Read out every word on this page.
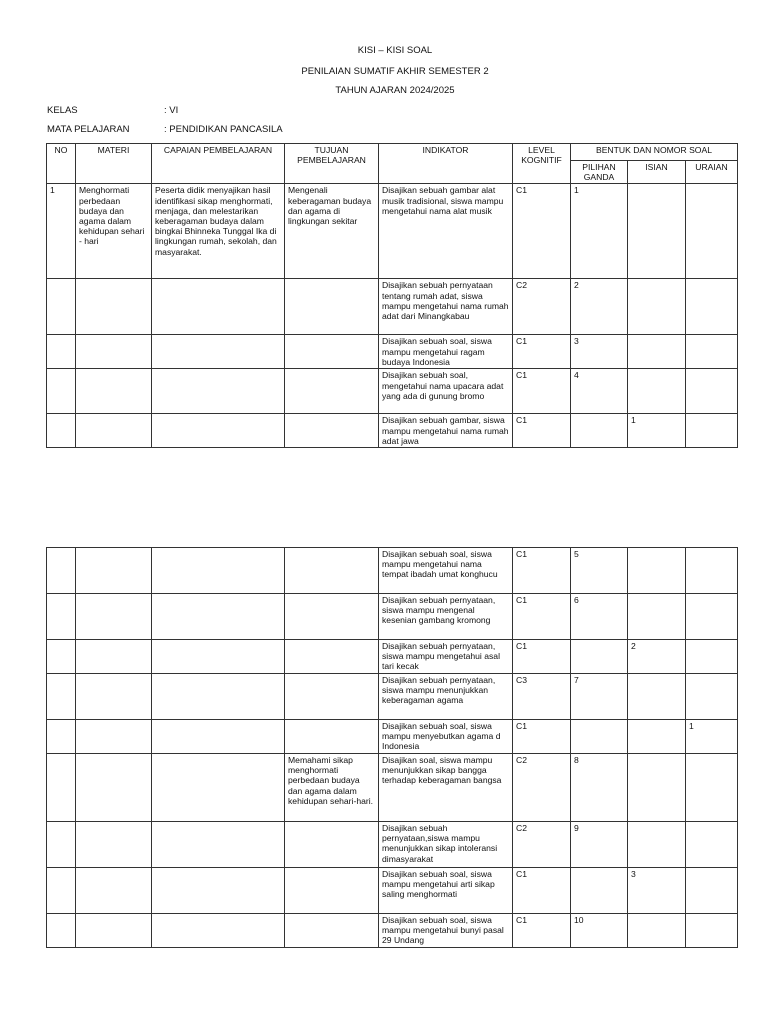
KISI – KISI SOAL
PENILAIAN SUMATIF AKHIR SEMESTER 2
TAHUN AJARAN 2024/2025
KELAS	: VI
MATA PELAJARAN	: PENDIDIKAN PANCASILA
NO	MATERI	CAPAIAN PEMBELAJARAN	TUJUAN PEMBELAJARAN	INDIKATOR	LEVEL KOGNITIF	BENTUK DAN NOMOR SOAL		
						PILIHAN GANDA	ISIAN	URAIAN
1	Menghormati perbedaan budaya dan agama dalam kehidupan sehari - hari	Peserta didik menyajikan hasil identifikasi sikap menghormati, menjaga, dan melestarikan keberagaman budaya dalam bingkai Bhinneka Tunggal Ika di lingkungan rumah, sekolah, dan masyarakat.	Mengenali keberagaman budaya dan agama di lingkungan sekitar	Disajikan sebuah gambar alat musik tradisional, siswa mampu mengetahui nama alat musik	C1	1		
				Disajikan sebuah pernyataan tentang rumah adat, siswa mampu mengetahui nama rumah adat dari Minangkabau	C2	2		
				Disajikan sebuah soal, siswa mampu mengetahui ragam budaya Indonesia	C1	3		
				Disajikan sebuah soal, mengetahui nama upacara adat yang ada di gunung bromo	C1	4		
				Disajikan sebuah gambar, siswa mampu mengetahui nama rumah adat jawa	C1		1	
				Disajikan sebuah soal, siswa mampu mengetahui nama tempat ibadah umat konghucu	C1	5		
				Disajikan sebuah pernyataan, siswa mampu mengenal kesenian gambang kromong	C1	6		
				Disajikan sebuah pernyataan, siswa mampu mengetahui asal tari kecak	C1		2	
				Disajikan sebuah pernyataan, siswa mampu menunjukkan keberagaman agama	C3	7		
				Disajikan sebuah soal, siswa mampu menyebutkan agama d Indonesia	C1			1
			Memahami sikap menghormati perbedaan budaya dan agama dalam kehidupan sehari-hari.	Disajikan soal, siswa mampu menunjukkan sikap bangga terhadap keberagaman bangsa	C2	8		
				Disajikan sebuah pernyataan,siswa mampu menunjukkan sikap intoleransi dimasyarakat	C2	9		
				Disajikan sebuah soal, siswa mampu mengetahui arti sikap saling menghormati	C1		3	
				Disajikan sebuah soal, siswa mampu mengetahui bunyi pasal 29 Undang	C1	10		
